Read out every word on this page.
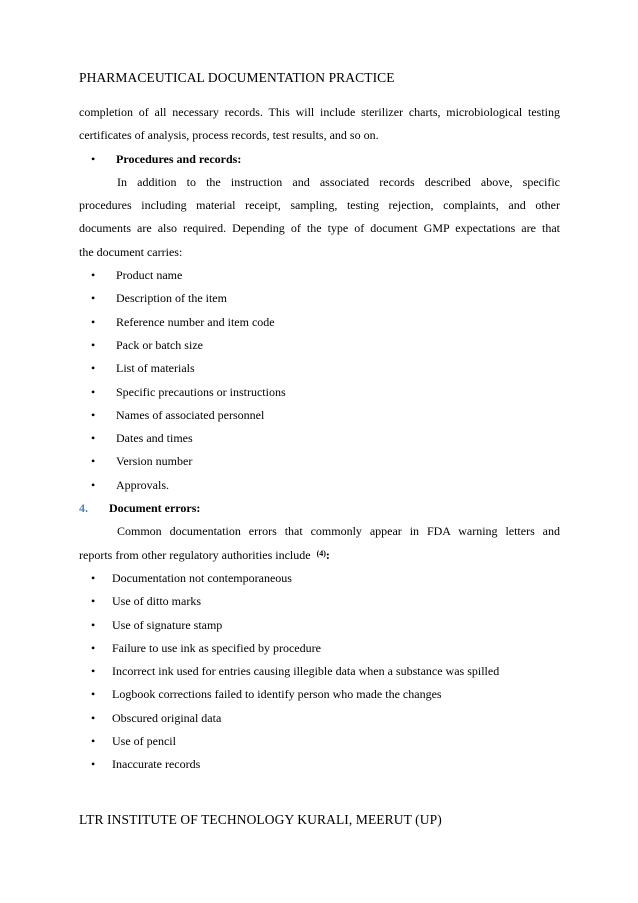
PHARMACEUTICAL DOCUMENTATION PRACTICE

completion of all necessary records. This will include sterilizer charts, microbiological testing

certificates of analysis, process records, test results, and so on.

• Procedures and records:

In addition to the instruction and associated records described above, specific

procedures including material receipt, sampling, testing rejection, complaints, and other

documents are also required. Depending of the type of document GMP expectations are that

the document carries:

• Product name
• Description of the item
• Reference number and item code
• Pack or batch size
• List of materials
• Specific precautions or instructions
• Names of associated personnel
• Dates and times
• Version number
• Approvals.
4.	Document errors:

Common documentation errors that commonly appear in FDA warning letters and

reports from other regulatory authorities include $^{(4)}$:

• Documentation not contemporaneous
• Use of ditto marks
• Use of signature stamp
• Failure to use ink as specified by procedure
• Incorrect ink used for entries causing illegible data when a substance was spilled
• Logbook corrections failed to identify person who made the changes
• Obscured original data
• Use of pencil
• Inaccurate records
LTR INSTITUTE OF TECHNOLOGY KURALI, MEERUT (UP)
